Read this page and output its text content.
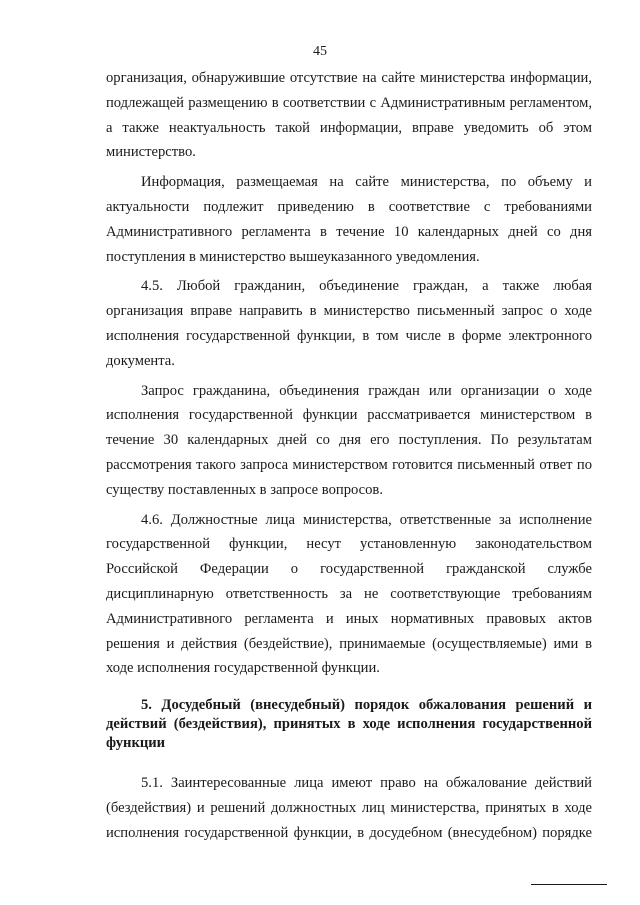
45

организация, обнаружившие отсутствие на сайте министерства информации, подлежащей размещению в соответствии с Административным регламентом, а также неактуальность такой информации, вправе уведомить об этом министерство.

Информация, размещаемая на сайте министерства, по объему и актуальности подлежит приведению в соответствие с требованиями Административного регламента в течение 10 календарных дней со дня поступления в министерство вышеуказанного уведомления.

4.5. Любой гражданин, объединение граждан, а также любая организация вправе направить в министерство письменный запрос о ходе исполнения государственной функции, в том числе в форме электронного документа.

Запрос гражданина, объединения граждан или организации о ходе исполнения государственной функции рассматривается министерством в течение 30 календарных дней со дня его поступления. По результатам рассмотрения такого запроса министерством готовится письменный ответ по существу поставленных в запросе вопросов.

4.6. Должностные лица министерства, ответственные за исполнение государственной функции, несут установленную законодательством Российской Федерации о государственной гражданской службе дисциплинарную ответственность за не соответствующие требованиям Административного регламента и иных нормативных правовых актов решения и действия (бездействие), принимаемые (осуществляемые) ими в ходе исполнения государственной функции.

5. Досудебный (внесудебный) порядок обжалования решений и действий (бездействия), принятых в ходе исполнения государственной функции

5.1. Заинтересованные лица имеют право на обжалование действий (бездействия) и решений должностных лиц министерства, принятых в ходе исполнения государственной функции, в досудебном (внесудебном) порядке
